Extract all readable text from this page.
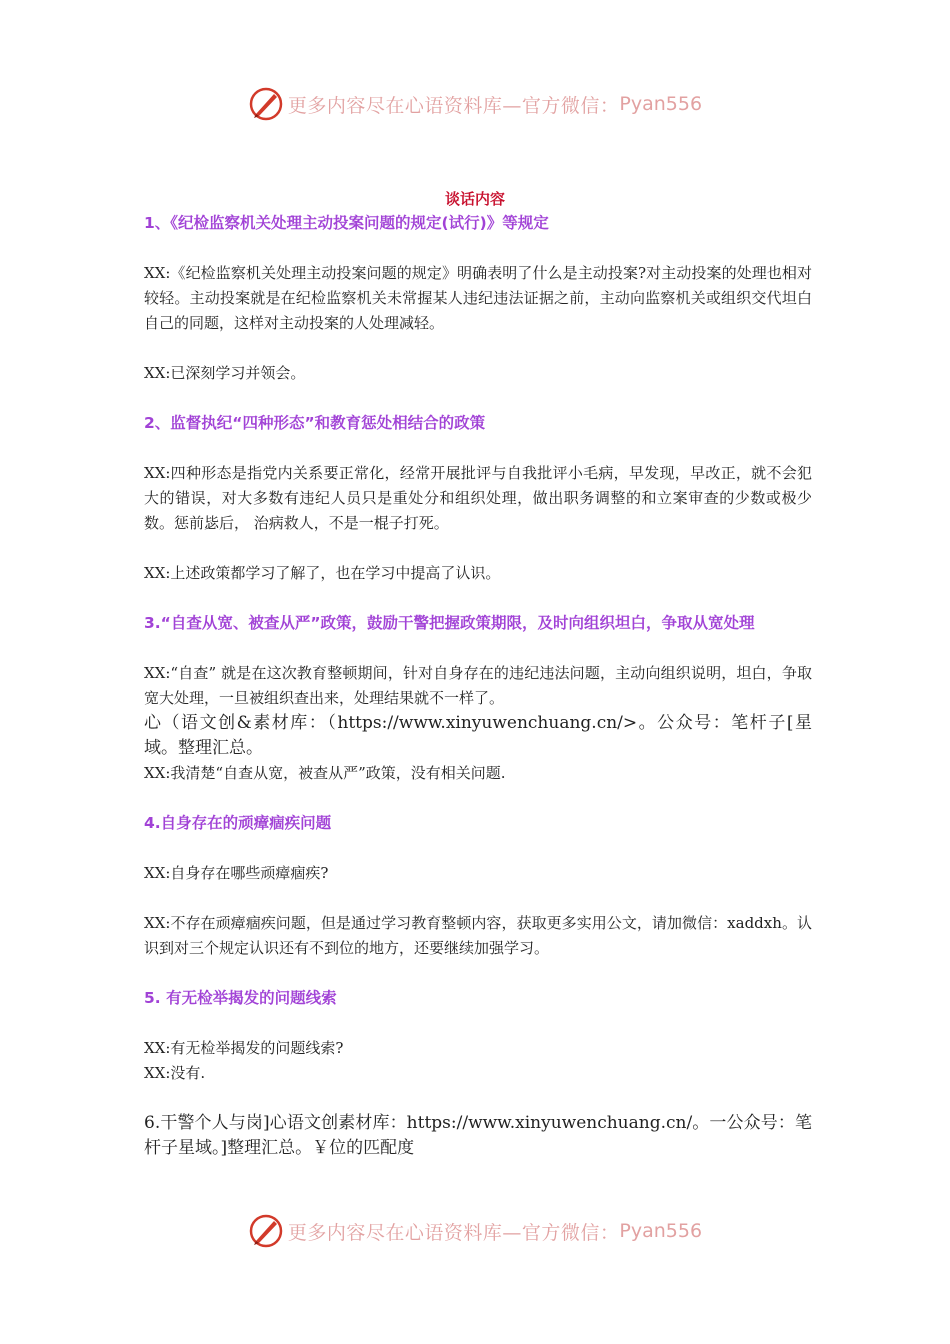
更多内容尽在心语资料库—官方微信： Pyan556
谈话内容

1、《纪检监察机关处理主动投案问题的规定(试行)》等规定

XX:《纪检监察机关处理主动投案问题的规定》明确表明了什么是主动投案?对主动投案的处理也相对较轻。主动投案就是在纪检监察机关未常握某人违纪违法证据之前，主动向监察机关或组织交代坦白自己的同题，这样对主动投案的人处理减轻。

XX:已深刻学习并领会。

2、监督执纪“四种形态”和教育惩处相结合的政策

XX:四种形态是指党内关系要正常化，经常开展批评与自我批评小毛病，早发现，早改正，就不会犯大的错误，对大多数有违纪人员只是重处分和组织处理，做出职务调整的和立案审查的少数或极少数。惩前毖后， 治病救人，不是一棍子打死。

XX:上述政策都学习了解了，也在学习中提高了认识。

3.“自查从宽、被查从严”政策，鼓励干警把握政策期限，及时向组织坦白，争取从宽处理

XX:“自查” 就是在这次教育整顿期间，针对自身存在的违纪违法问题，主动向组织说明，坦白，争取宽大处理，一旦被组织查出来，处理结果就不一样了。

心（语文创&素材库：（https://www.xinyuwenchuang.cn/>。公众号：笔杆子[星域。整理汇总。

XX:我清楚“自查从宽，被查从严”政策，没有相关问题.

4.自身存在的顽瘴痼疾问题

XX:自身存在哪些顽瘴痼疾?

XX:不存在顽瘴痼疾问题，但是通过学习教育整顿内容，获取更多实用公文，请加微信：xaddxh。认识到对三个规定认识还有不到位的地方，还要继续加强学习。

5. 有无检举揭发的问题线索

XX:有无检举揭发的问题线索?

XX:没有.

6.干警个人与岗]心语文创素材库：https://www.xinyuwenchuang.cn/。一公众号：笔杆子星域。]整理汇总。￥位的匹配度

更多内容尽在心语资料库—官方微信： Pyan556
